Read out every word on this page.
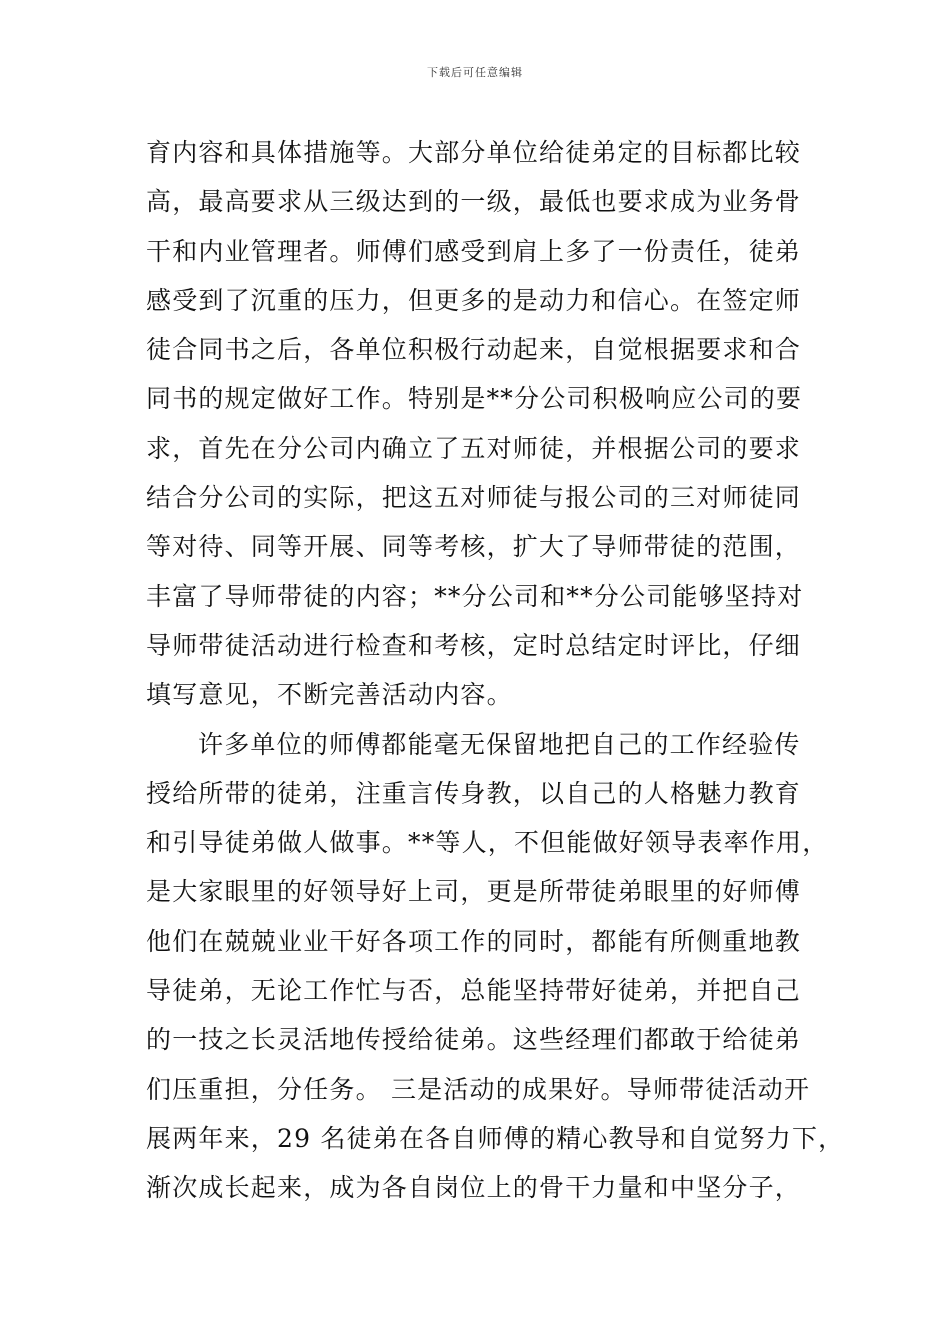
下载后可任意编辑
育内容和具体措施等。大部分单位给徒弟定的目标都比较
高，最高要求从三级达到的一级，最低也要求成为业务骨
干和内业管理者。师傅们感受到肩上多了一份责任，徒弟
感受到了沉重的压力，但更多的是动力和信心。在签定师
徒合同书之后，各单位积极行动起来，自觉根据要求和合
同书的规定做好工作。特别是**分公司积极响应公司的要
求，首先在分公司内确立了五对师徒，并根据公司的要求
结合分公司的实际，把这五对师徒与报公司的三对师徒同
等对待、同等开展、同等考核，扩大了导师带徒的范围，
丰富了导师带徒的内容；**分公司和**分公司能够坚持对
导师带徒活动进行检查和考核，定时总结定时评比，仔细
填写意见，不断完善活动内容。
许多单位的师傅都能毫无保留地把自己的工作经验传
授给所带的徒弟，注重言传身教，以自己的人格魅力教育
和引导徒弟做人做事。**等人，不但能做好领导表率作用，
是大家眼里的好领导好上司，更是所带徒弟眼里的好师傅
他们在兢兢业业干好各项工作的同时，都能有所侧重地教
导徒弟，无论工作忙与否，总能坚持带好徒弟，并把自己
的一技之长灵活地传授给徒弟。这些经理们都敢于给徒弟
们压重担，分任务。 三是活动的成果好。导师带徒活动开
展两年来，29 名徒弟在各自师傅的精心教导和自觉努力下，
渐次成长起来，成为各自岗位上的骨干力量和中坚分子，
